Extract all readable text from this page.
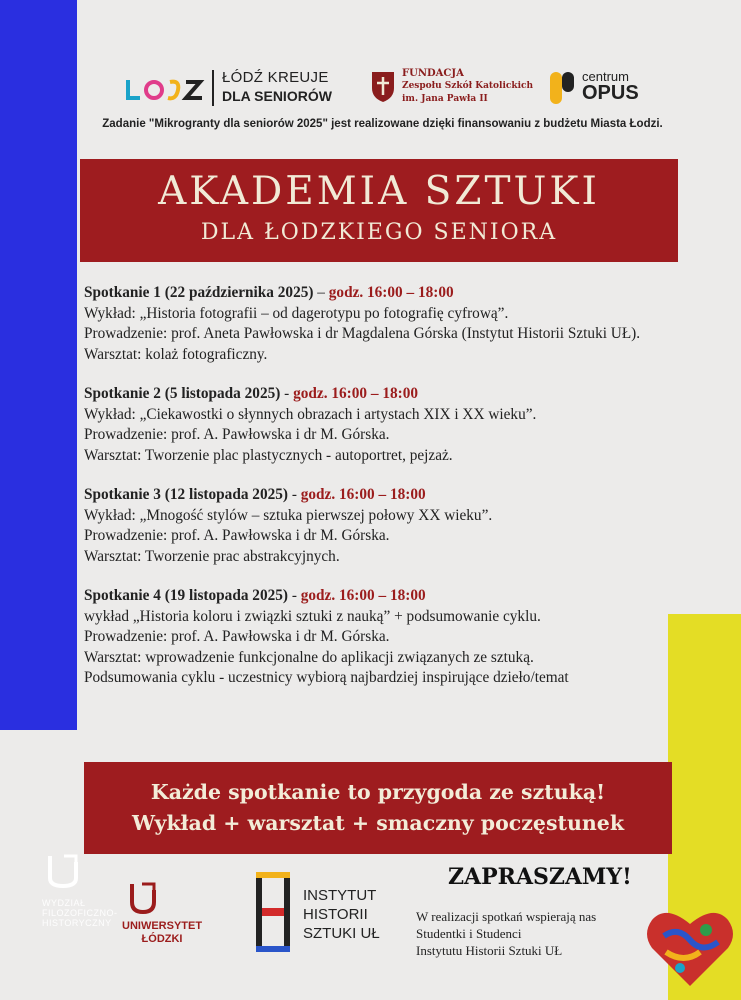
ŁÓDŹ KREUJE
DLA SENIORÓW
FUNDACJA
Zespołu Szkół Katolickich
im. Jana Pawła II
centrum
OPUS
Zadanie "Mikrogranty dla seniorów 2025" jest realizowane dzięki finansowaniu z budżetu Miasta Łodzi.
AKADEMIA SZTUKI
DLA ŁODZKIEGO SENIORA
Spotkanie 1 (22 października 2025) – godz. 16:00 – 18:00
Wykład: „Historia fotografii – od dagerotypu po fotografię cyfrową”.
Prowadzenie: prof. Aneta Pawłowska i dr Magdalena Górska (Instytut Historii Sztuki UŁ).
Warsztat: kolaż fotograficzny.
Spotkanie 2 (5 listopada 2025) - godz. 16:00 – 18:00
Wykład: „Ciekawostki o słynnych obrazach i artystach XIX i XX wieku”.
Prowadzenie: prof. A. Pawłowska i dr M. Górska.
Warsztat: Tworzenie plac plastycznych - autoportret, pejzaż.
Spotkanie 3 (12 listopada 2025) - godz. 16:00 – 18:00
Wykład: „Mnogość stylów – sztuka pierwszej połowy XX wieku”.
Prowadzenie: prof. A. Pawłowska i dr M. Górska.
Warsztat: Tworzenie prac abstrakcyjnych.
Spotkanie 4 (19 listopada 2025) - godz. 16:00 – 18:00
wykład „Historia koloru i związki sztuki z nauką” + podsumowanie cyklu.
Prowadzenie: prof. A. Pawłowska i dr M. Górska.
Warsztat: wprowadzenie funkcjonalne do aplikacji związanych ze sztuką.
Podsumowania cyklu - uczestnicy wybiorą najbardziej inspirujące dzieło/temat
Każde spotkanie to przygoda ze sztuką!
Wykład + warsztat + smaczny poczęstunek
WYDZIAŁ
FILOZOFICZNO-
HISTORYCZNY UNIWERSYTET
ŁÓDZKI
INSTYTUT
HISTORII
SZTUKI UŁ
ZAPRASZAMY!
W realizacji spotkań wspierają nas
Studentki i Studenci
Instytutu Historii Sztuki UŁ
